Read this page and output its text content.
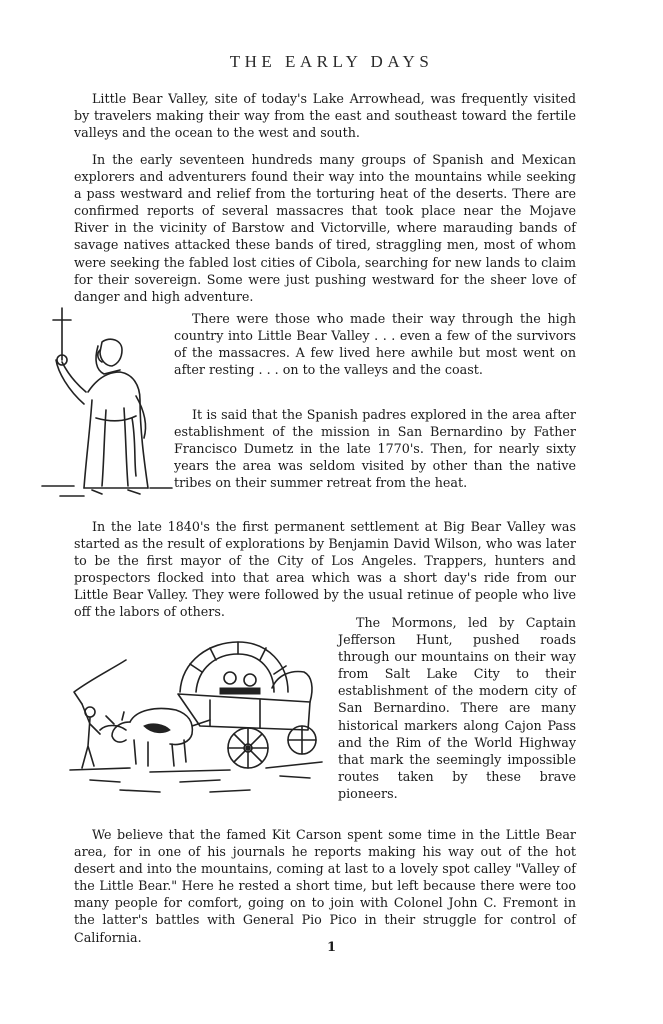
THE EARLY DAYS

Little Bear Valley, site of today's Lake Arrowhead, was frequently visited by travelers making their way from the east and southeast toward the fertile valleys and the ocean to the west and south.

In the early seventeen hundreds many groups of Spanish and Mexican explorers and adventurers found their way into the mountains while seeking a pass westward and relief from the torturing heat of the deserts. There are confirmed reports of several massacres that took place near the Mojave River in the vicinity of Barstow and Victorville, where marauding bands of savage natives attacked these bands of tired, straggling men, most of whom were seeking the fabled lost cities of Cibola, searching for new lands to claim for their sovereign. Some were just pushing westward for the sheer love of danger and high adventure.

There were those who made their way through the high country into Little Bear Valley . . . even a few of the survivors of the massacres. A few lived here awhile but most went on after resting . . . on to the valleys and the coast.

It is said that the Spanish padres explored in the area after establishment of the mission in San Bernardino by Father Francisco Dumetz in the late 1770's. Then, for nearly sixty years the area was seldom visited by other than the native tribes on their summer retreat from the heat.

In the late 1840's the first permanent settlement at Big Bear Valley was started as the result of explorations by Benjamin David Wilson, who was later to be the first mayor of the City of Los Angeles. Trappers, hunters and prospectors flocked into that area which was a short day's ride from our Little Bear Valley. They were followed by the usual retinue of people who live off the labors of others.

The Mormons, led by Captain Jefferson Hunt, pushed roads through our mountains on their way from Salt Lake City to their establishment of the modern city of San Bernardino. There are many historical markers along Cajon Pass and the Rim of the World Highway that mark the seemingly impossible routes taken by these brave pioneers.

We believe that the famed Kit Carson spent some time in the Little Bear area, for in one of his journals he reports making his way out of the hot desert and into the mountains, coming at last to a lovely spot calley "Valley of the Little Bear." Here he rested a short time, but left because there were too many people for comfort, going on to join with Colonel John C. Fremont in the latter's battles with General Pio Pico in their struggle for control of California.

1
